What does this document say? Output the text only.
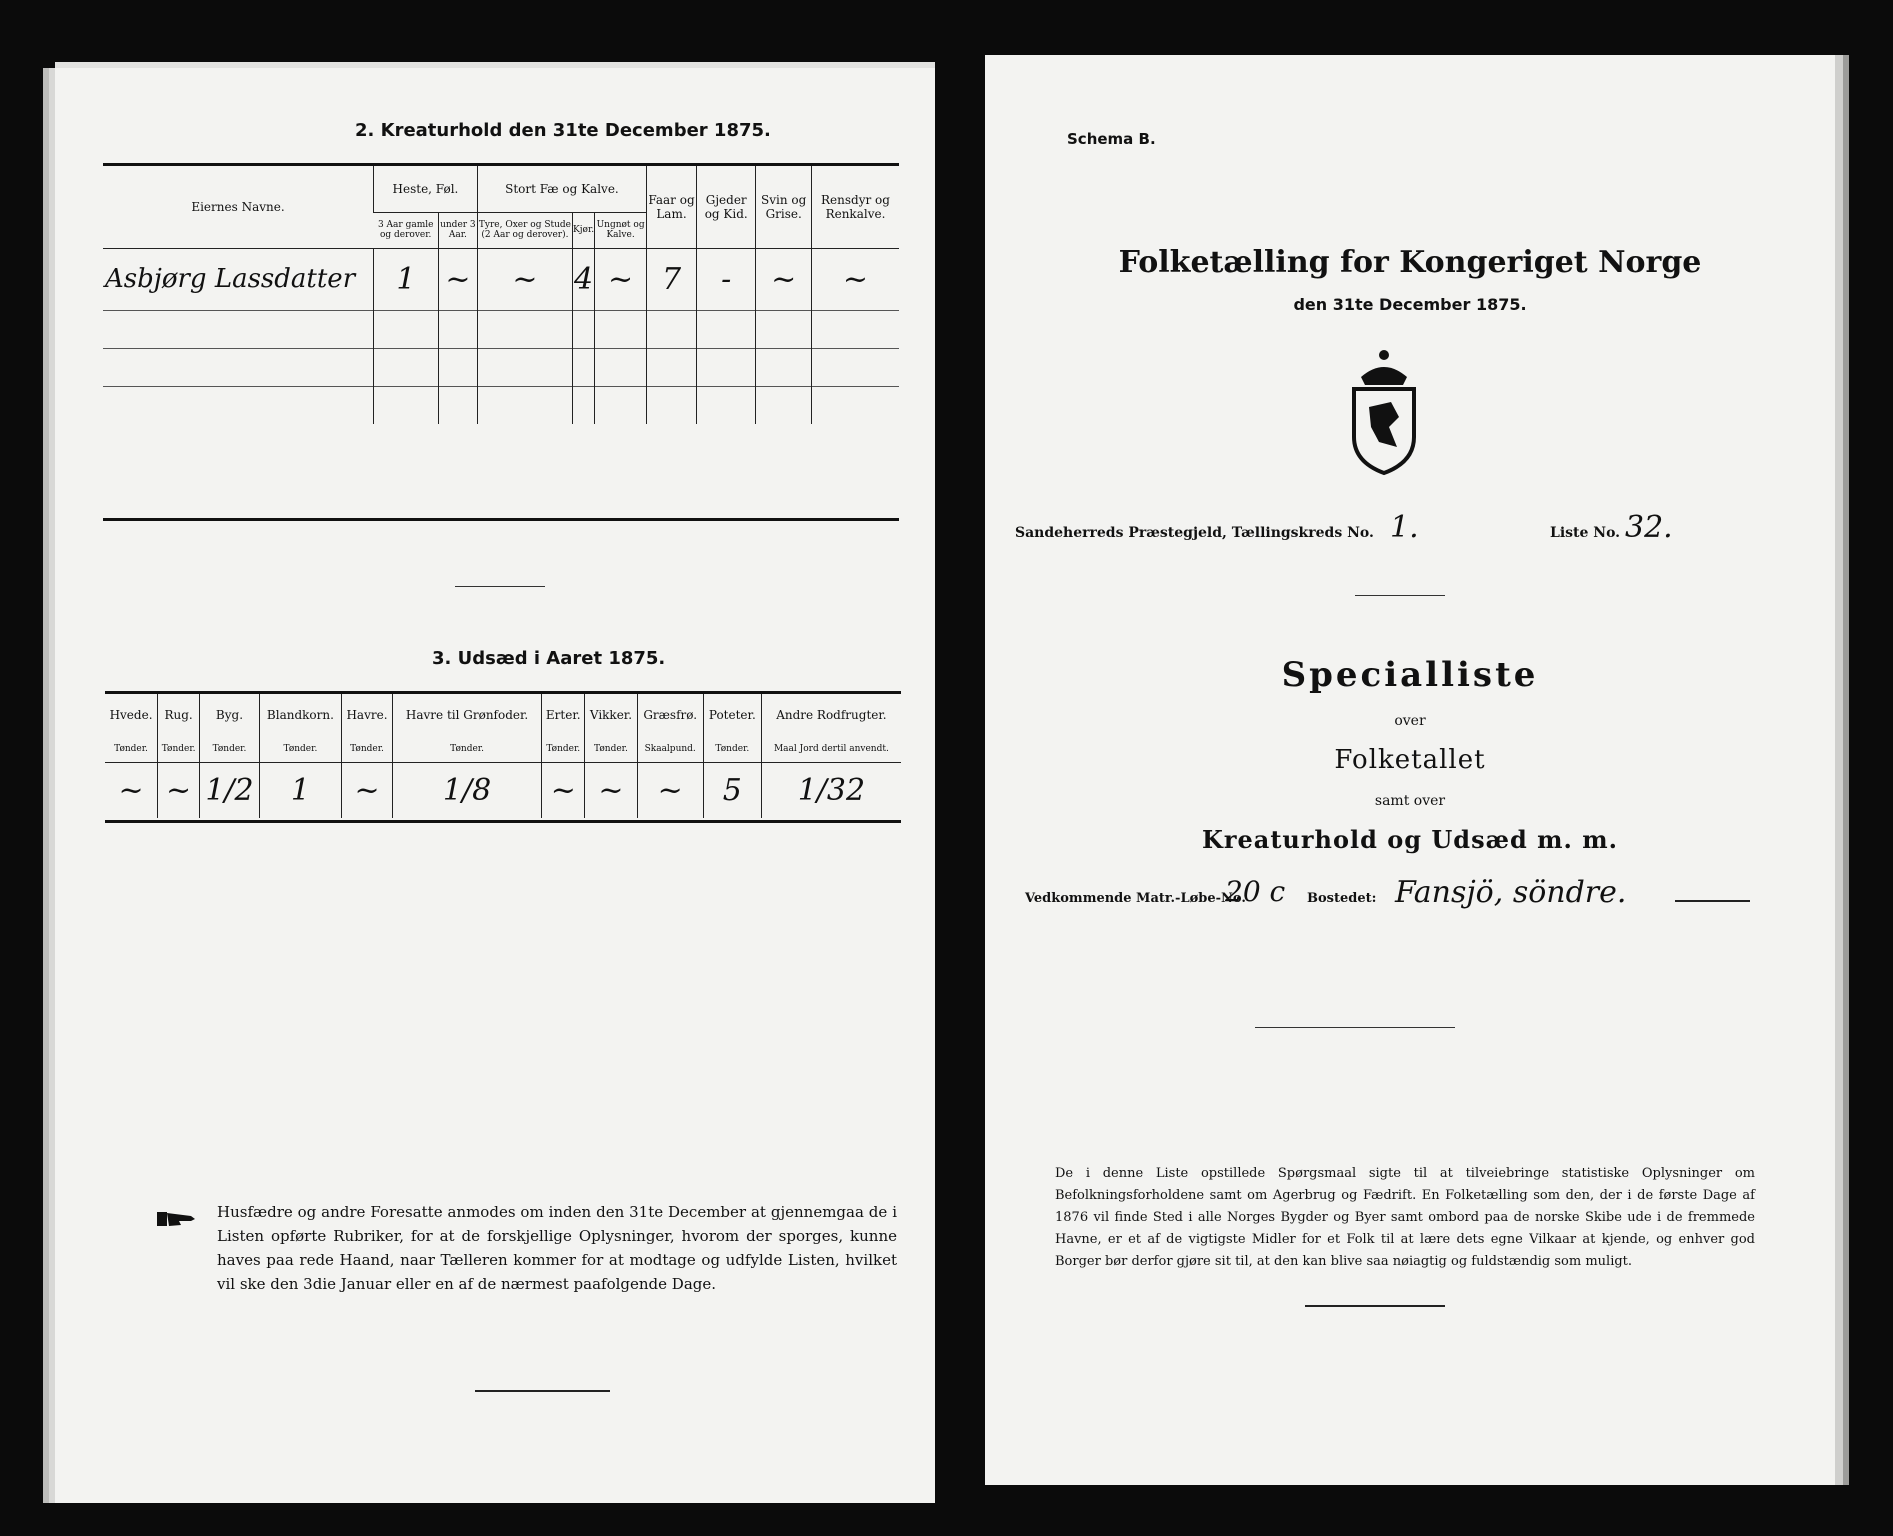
2. Kreaturhold den 31te December 1875.
Eiernes Navne.	Heste, Føl.		Stort Fæ og Kalve.			Faar og Lam.	Gjeder og Kid.	Svin og Grise.	Rensdyr og Renkalve.
	3 Aar gamle og derover.	under 3 Aar.	Tyre, Oxer og Stude (2 Aar og derover).	Kjør.	Ungnøt og Kalve.				
Asbjørg Lassdatter	1	~	~	4	~	7	-	~	~

3. Udsæd i Aaret 1875.
Hvede.	Rug.	Byg.	Blandkorn.	Havre.	Havre til Grønfoder.	Erter.	Vikker.	Græsfrø.	Poteter.	Andre Rodfrugter.
Tønder.	Tønder.	Tønder.	Tønder.	Tønder.	Tønder.	Tønder.	Tønder.	Skaalpund.	Tønder.	Maal Jord dertil anvendt.
~	~	1/2	1	~	1/8	~	~	~	5	1/32
Husfædre og andre Foresatte anmodes om inden den 31te December at gjennemgaa de i Listen opførte Rubriker, for at de forskjellige Oplysninger, hvorom der sporges, kunne haves paa rede Haand, naar Tælleren kommer for at modtage og udfylde Listen, hvilket vil ske den 3die Januar eller en af de nærmest paafolgende Dage.
Schema B.
Folketælling for Kongeriget Norge
den 31te December 1875.
Sandeherreds Præstegjeld, Tællingskreds No. 1.	Liste No. 32.
Specialliste
over
Folketallet
samt over
Kreaturhold og Udsæd m. m.
Vedkommende Matr.-Løbe-No.
20 c Bostedet: Fansjö, söndre.
De i denne Liste opstillede Spørgsmaal sigte til at tilveiebringe statistiske Oplysninger om Befolkningsforholdene samt om Agerbrug og Fædrift. En Folketælling som den, der i de første Dage af 1876 vil finde Sted i alle Norges Bygder og Byer samt ombord paa de norske Skibe ude i de fremmede Havne, er et af de vigtigste Midler for et Folk til at lære dets egne Vilkaar at kjende, og enhver god Borger bør derfor gjøre sit til, at den kan blive saa nøiagtig og fuldstændig som muligt.
